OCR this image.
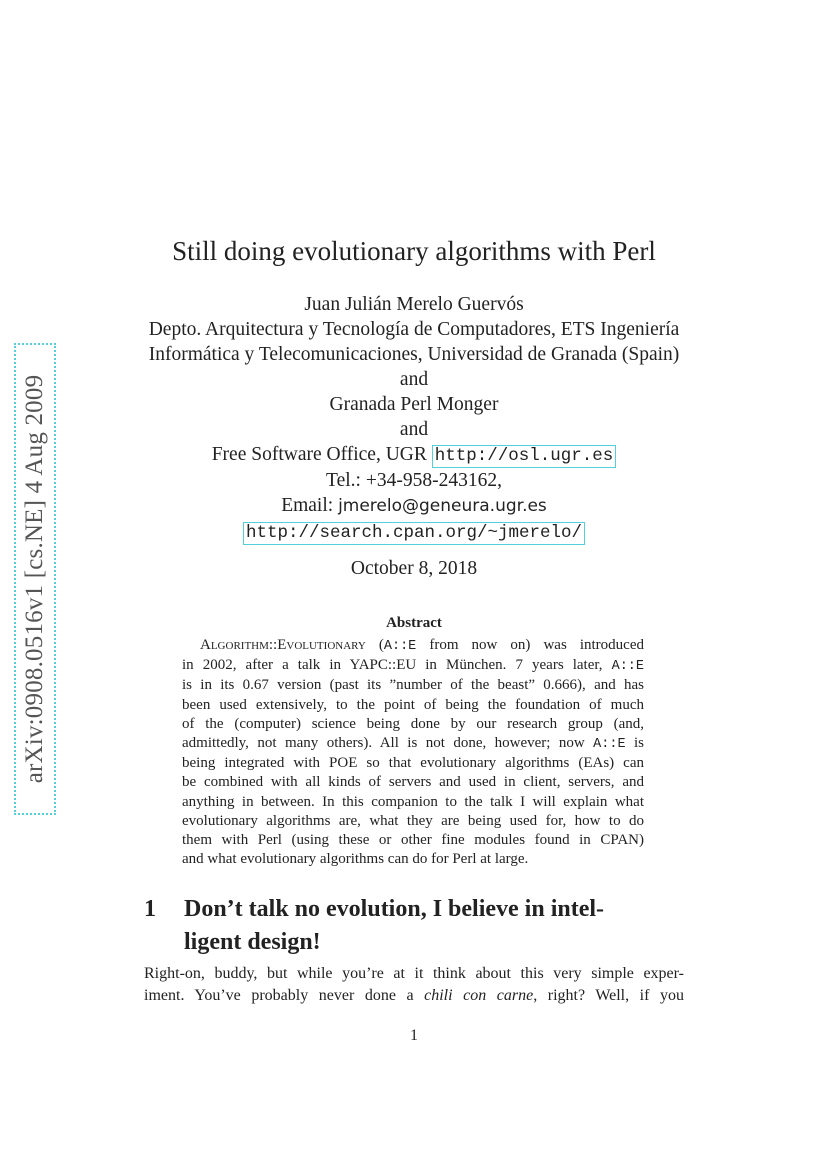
arXiv:0908.0516v1 [cs.NE] 4 Aug 2009
Still doing evolutionary algorithms with Perl
Juan Julián Merelo Guervós
Depto. Arquitectura y Tecnología de Computadores, ETS Ingeniería
Informática y Telecomunicaciones, Universidad de Granada (Spain)
and
Granada Perl Monger
and
Free Software Office, UGR http://osl.ugr.es
Tel.: +34-958-243162,
Email: jmerelo@geneura.ugr.es
http://search.cpan.org/~jmerelo/
October 8, 2018
Abstract
Algorithm::Evolutionary (A::E from now on) was introduced
in 2002, after a talk in YAPC::EU in München. 7 years later, A::E
is in its 0.67 version (past its ”number of the beast” 0.666), and has
been used extensively, to the point of being the foundation of much
of the (computer) science being done by our research group (and,
admittedly, not many others). All is not done, however; now A::E is
being integrated with POE so that evolutionary algorithms (EAs) can
be combined with all kinds of servers and used in client, servers, and
anything in between. In this companion to the talk I will explain what
evolutionary algorithms are, what they are being used for, how to do
them with Perl (using these or other fine modules found in CPAN)
and what evolutionary algorithms can do for Perl at large.
1 Don’t talk no evolution, I believe in intel-
ligent design!
Right-on, buddy, but while you’re at it think about this very simple exper-
iment. You’ve probably never done a chili con carne, right? Well, if you
1
